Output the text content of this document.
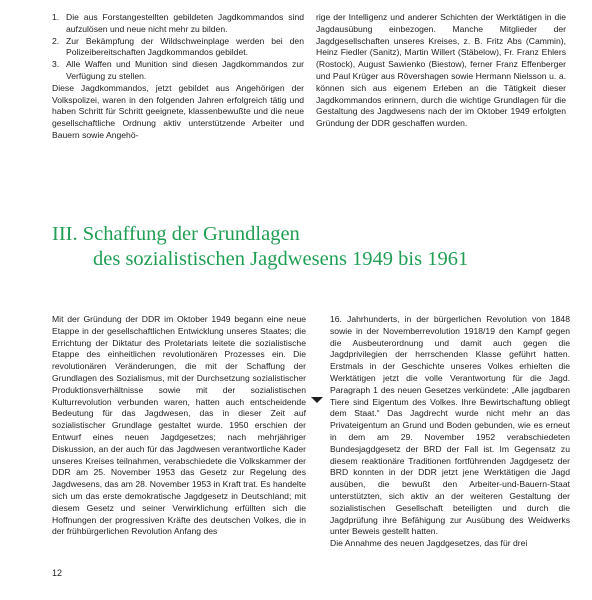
1. Die aus Forstangestellten gebildeten Jagdkommandos sind aufzulösen und neue nicht mehr zu bilden.
2. Zur Bekämpfung der Wildschweinplage werden bei den Polizeibereitschaften Jagdkommandos gebildet.
3. Alle Waffen und Munition sind diesen Jagdkommandos zur Verfügung zu stellen.

Diese Jagdkommandos, jetzt gebildet aus Angehörigen der Volkspolizei, waren in den folgenden Jahren erfolgreich tätig und haben Schritt für Schritt geeignete, klassenbewußte und die neue gesellschaftliche Ordnung aktiv unterstützende Arbeiter und Bauern sowie Angehö-

rige der Intelligenz und anderer Schichten der Werktätigen in die Jagdausübung einbezogen. Manche Mitglieder der Jagdgesellschaften unseres Kreises, z. B. Fritz Abs (Cammin), Heinz Fiedler (Sanitz), Martin Willert (Stäbelow), Fr. Franz Ehlers (Rostock), August Sawienko (Biestow), ferner Franz Effenberger und Paul Krüger aus Rövershagen sowie Hermann Nielsson u. a. können sich aus eigenem Erleben an die Tätigkeit dieser Jagdkommandos erinnern, durch die wichtige Grundlagen für die Gestaltung des Jagdwesens nach der im Oktober 1949 erfolgten Gründung der DDR geschaffen wurden.

III. Schaffung der Grundlagen
des sozialistischen Jagdwesens 1949 bis 1961

Mit der Gründung der DDR im Oktober 1949 begann eine neue Etappe in der gesellschaftlichen Entwicklung unseres Staates; die Errichtung der Diktatur des Proletariats leitete die sozialistische Etappe des einheitlichen revolutionären Prozesses ein. Die revolutionären Veränderungen, die mit der Schaffung der Grundlagen des Sozialismus, mit der Durchsetzung sozialistischer Produktionsverhältnisse sowie mit der sozialistischen Kulturrevolution verbunden waren, hatten auch entscheidende Bedeutung für das Jagdwesen, das in dieser Zeit auf sozialistischer Grundlage gestaltet wurde. 1950 erschien der Entwurf eines neuen Jagdgesetzes; nach mehrjähriger Diskussion, an der auch für das Jagdwesen verantwortliche Kader unseres Kreises teilnahmen, verabschiedete die Volkskammer der DDR am 25. November 1953 das Gesetz zur Regelung des Jagdwesens, das am 28. November 1953 in Kraft trat. Es handelte sich um das erste demokratische Jagdgesetz in Deutschland; mit diesem Gesetz und seiner Verwirklichung erfüllten sich die Hoffnungen der progressiven Kräfte des deutschen Volkes, die in der frühbürgerlichen Revolution Anfang des

16. Jahrhunderts, in der bürgerlichen Revolution von 1848 sowie in der Novemberrevolution 1918/19 den Kampf gegen die Ausbeuterordnung und damit auch gegen die Jagdprivilegien der herrschenden Klasse geführt hatten. Erstmals in der Geschichte unseres Volkes erhielten die Werktätigen jetzt die volle Verantwortung für die Jagd. Paragraph 1 des neuen Gesetzes verkündete: „Alle jagdbaren Tiere sind Eigentum des Volkes. Ihre Bewirtschaftung obliegt dem Staat.“ Das Jagdrecht wurde nicht mehr an das Privateigentum an Grund und Boden gebunden, wie es erneut in dem am 29. November 1952 verabschiedeten Bundesjagdgesetz der BRD der Fall ist. Im Gegensatz zu diesem reaktionäre Traditionen fortführenden Jagdgesetz der BRD konnten in der DDR jetzt jene Werktätigen die Jagd ausüben, die bewußt den Arbeiter-und-Bauern-Staat unterstützten, sich aktiv an der weiteren Gestaltung der sozialistischen Gesellschaft beteiligten und durch die Jagdprüfung ihre Befähigung zur Ausübung des Weidwerks unter Beweis gestellt hatten.
Die Annahme des neuen Jagdgesetzes, das für drei

12
